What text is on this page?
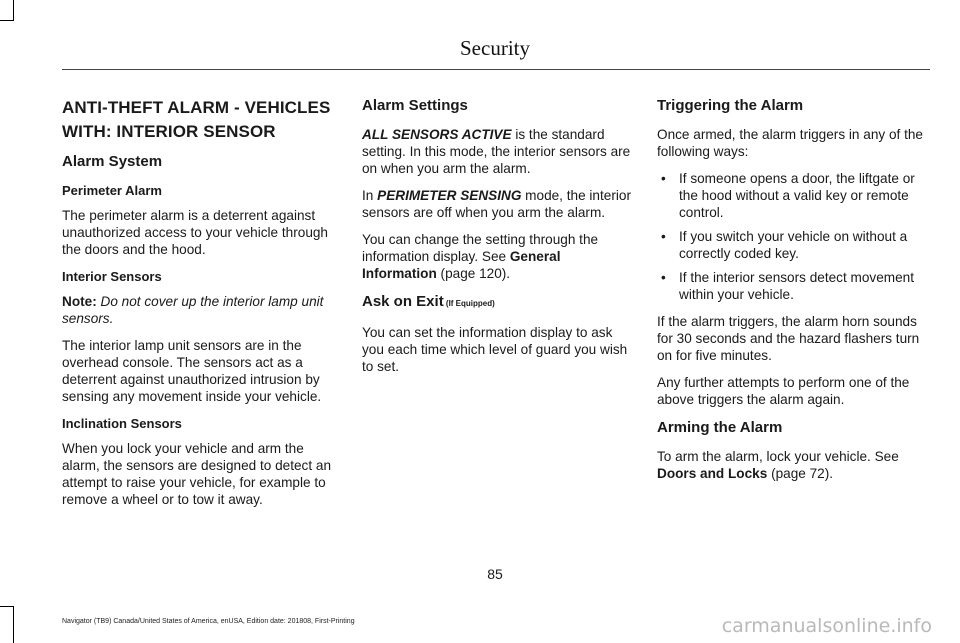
Security
ANTI-THEFT ALARM - VEHICLES WITH: INTERIOR SENSOR
Alarm System
Perimeter Alarm

The perimeter alarm is a deterrent against unauthorized access to your vehicle through the doors and the hood.

Interior Sensors

Note: Do not cover up the interior lamp unit sensors.

The interior lamp unit sensors are in the overhead console. The sensors act as a deterrent against unauthorized intrusion by sensing any movement inside your vehicle.

Inclination Sensors

When you lock your vehicle and arm the alarm, the sensors are designed to detect an attempt to raise your vehicle, for example to remove a wheel or to tow it away.

Alarm Settings

ALL SENSORS ACTIVE is the standard setting. In this mode, the interior sensors are on when you arm the alarm.

In PERIMETER SENSING mode, the interior sensors are off when you arm the alarm.

You can change the setting through the information display. See General Information (page 120).

Ask on Exit (If Equipped)

You can set the information display to ask you each time which level of guard you wish to set.

Triggering the Alarm

Once armed, the alarm triggers in any of the following ways:

• If someone opens a door, the liftgate or the hood without a valid key or remote control.
• If you switch your vehicle on without a correctly coded key.
• If the interior sensors detect movement within your vehicle.

If the alarm triggers, the alarm horn sounds for 30 seconds and the hazard flashers turn on for five minutes.

Any further attempts to perform one of the above triggers the alarm again.

Arming the Alarm

To arm the alarm, lock your vehicle. See Doors and Locks (page 72).

85
Navigator (TB9) Canada/United States of America, enUSA, Edition date: 201808, First-Printing	carmanualsonline.info
